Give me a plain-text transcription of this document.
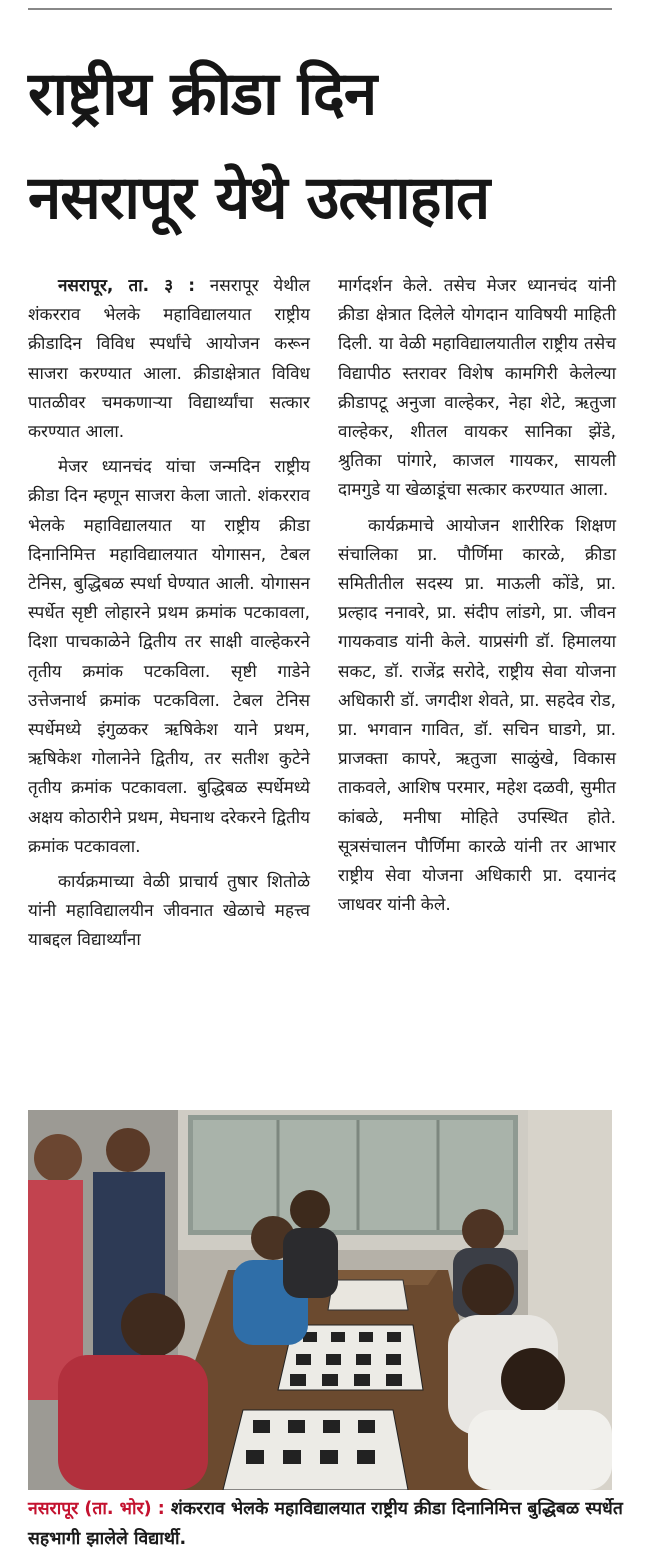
राष्ट्रीय क्रीडा दिन
नसरापूर येथे उत्साहात

नसरापूर, ता. ३ : नसरापूर येथील शंकरराव भेलके महाविद्यालयात राष्ट्रीय क्रीडादिन विविध स्पर्धांचे आयोजन करून साजरा करण्यात आला. क्रीडाक्षेत्रात विविध पातळीवर चमकणाऱ्या विद्यार्थ्यांचा सत्कार करण्यात आला.

मेजर ध्यानचंद यांचा जन्मदिन राष्ट्रीय क्रीडा दिन म्हणून साजरा केला जातो. शंकरराव भेलके महाविद्यालयात या राष्ट्रीय क्रीडा दिनानिमित्त महाविद्यालयात योगासन, टेबल टेनिस, बुद्धिबळ स्पर्धा घेण्यात आली. योगासन स्पर्धेत सृष्टी लोहारने प्रथम क्रमांक पटकावला, दिशा पाचकाळेने द्वितीय तर साक्षी वाल्हेकरने तृतीय क्रमांक पटकविला. सृष्टी गाडेने उत्तेजनार्थ क्रमांक पटकविला. टेबल टेनिस स्पर्धेमध्ये इंगुळकर ऋषिकेश याने प्रथम, ऋषिकेश गोलानेने द्वितीय, तर सतीश कुटेने तृतीय क्रमांक पटकावला. बुद्धिबळ स्पर्धेमध्ये अक्षय कोठारीने प्रथम, मेघनाथ दरेकरने द्वितीय क्रमांक पटकावला.

कार्यक्रमाच्या वेळी प्राचार्य तुषार शितोळे यांनी महाविद्यालयीन जीवनात खेळाचे महत्त्व याबद्दल विद्यार्थ्यांना

मार्गदर्शन केले. तसेच मेजर ध्यानचंद यांनी क्रीडा क्षेत्रात दिलेले योगदान याविषयी माहिती दिली. या वेळी महाविद्यालयातील राष्ट्रीय तसेच विद्यापीठ स्तरावर विशेष कामगिरी केलेल्या क्रीडापटू अनुजा वाल्हेकर, नेहा शेटे, ऋतुजा वाल्हेकर, शीतल वायकर सानिका झेंडे, श्रुतिका पांगारे, काजल गायकर, सायली दामगुडे या खेळाडूंचा सत्कार करण्यात आला.

कार्यक्रमाचे आयोजन शारीरिक शिक्षण संचालिका प्रा. पौर्णिमा कारळे, क्रीडा समितीतील सदस्य प्रा. माऊली कोंडे, प्रा. प्रल्हाद ननावरे, प्रा. संदीप लांडगे, प्रा. जीवन गायकवाड यांनी केले. याप्रसंगी डॉ. हिमालया सकट, डॉ. राजेंद्र सरोदे, राष्ट्रीय सेवा योजना अधिकारी डॉ. जगदीश शेवते, प्रा. सहदेव रोड, प्रा. भगवान गावित, डॉ. सचिन घाडगे, प्रा. प्राजक्ता कापरे, ऋतुजा साळुंखे, विकास ताकवले, आशिष परमार, महेश दळवी, सुमीत कांबळे, मनीषा मोहिते उपस्थित होते. सूत्रसंचालन पौर्णिमा कारळे यांनी तर आभार राष्ट्रीय सेवा योजना अधिकारी प्रा. दयानंद जाधवर यांनी केले.

नसरापूर (ता. भोर) : शंकरराव भेलके महाविद्यालयात राष्ट्रीय क्रीडा दिनानिमित्त बुद्धिबळ स्पर्धेत सहभागी झालेले विद्यार्थी.
